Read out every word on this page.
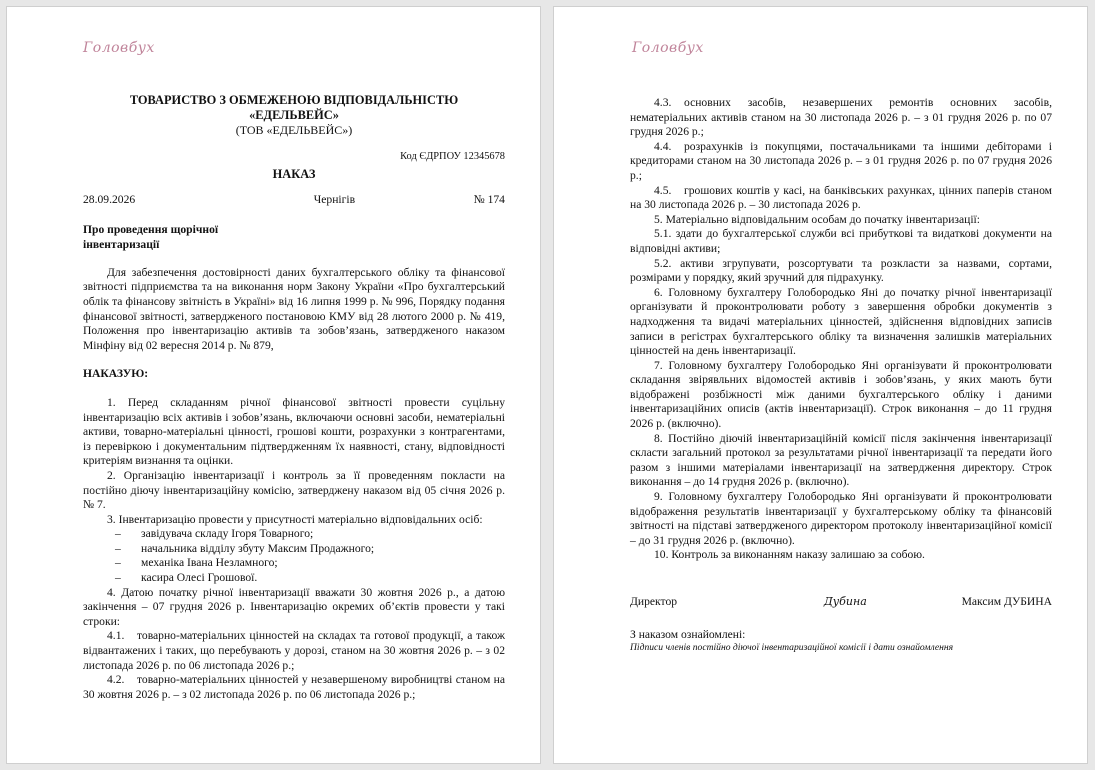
Головбух
ТОВАРИСТВО З ОБМЕЖЕНОЮ ВІДПОВІДАЛЬНІСТЮ
«ЕДЕЛЬВЕЙС»
(ТОВ «ЕДЕЛЬВЕЙС»)
Код ЄДРПОУ 12345678
НАКАЗ
28.09.2026	Чернігів	№ 174
Про проведення щорічної
інвентаризації

Для забезпечення достовірності даних бухгалтерського обліку та фінансової звітності підприємства та на виконання норм Закону України «Про бухгалтерський облік та фінансову звітність в Україні» від 16 липня 1999 р. № 996, Порядку подання фінансової звітності, затвердженого постановою КМУ від 28 лютого 2000 р. № 419, Положення про інвентаризацію активів та зобов’язань, затвердженого наказом Мінфіну від 02 вересня 2014 р. № 879,

НАКАЗУЮ:

1. Перед складанням річної фінансової звітності провести суцільну інвентаризацію всіх активів і зобов’язань, включаючи основні засоби, нематеріальні активи, товарно-матеріальні цінності, грошові кошти, розрахунки з контрагентами, із перевіркою і документальним підтвердженням їх наявності, стану, відповідності критеріям визнання та оцінки.

2. Організацію інвентаризації і контроль за її проведенням покласти на постійно діючу інвентаризаційну комісію, затверджену наказом від 05 січня 2026 р. № 7.

3. Інвентаризацію провести у присутності матеріально відповідальних осіб:

–	завідувача складу Ігоря Товарного;
–	начальника відділу збуту Максим Продажного;
–	механіка Івана Незламного;
–	касира Олесі Грошової.

4. Датою початку річної інвентаризації вважати 30 жовтня 2026 р., а датою закінчення – 07 грудня 2026 р. Інвентаризацію окремих об’єктів провести у такі строки:

4.1. товарно-матеріальних цінностей на складах та готової продукції, а також відвантажених і таких, що перебувають у дорозі, станом на 30 жовтня 2026 р. – з 02 листопада 2026 р. по 06 листопада 2026 р.;

4.2. товарно-матеріальних цінностей у незавершеному виробництві станом на 30 жовтня 2026 р. – з 02 листопада 2026 р. по 06 листопада 2026 р.;

Головбух

4.3. основних засобів, незавершених ремонтів основних засобів, нематеріальних активів станом на 30 листопада 2026 р. – з 01 грудня 2026 р. по 07 грудня 2026 р.;

4.4. розрахунків із покупцями, постачальниками та іншими дебіторами і кредиторами станом на 30 листопада 2026 р. – з 01 грудня 2026 р. по 07 грудня 2026 р.;

4.5. грошових коштів у касі, на банківських рахунках, цінних паперів станом на 30 листопада 2026 р. – 30 листопада 2026 р.

5. Матеріально відповідальним особам до початку інвентаризації:

5.1. здати до бухгалтерської служби всі прибуткові та видаткові документи на відповідні активи;

5.2. активи згрупувати, розсортувати та розкласти за назвами, сортами, розмірами у порядку, який зручний для підрахунку.

6. Головному бухгалтеру Голобородько Яні до початку річної інвентаризації організувати й проконтролювати роботу з завершення обробки документів з надходження та видачі матеріальних цінностей, здійснення відповідних записів записи в регістрах бухгалтерського обліку та визначення залишків матеріальних цінностей на день інвентаризації.

7. Головному бухгалтеру Голобородько Яні організувати й проконтролювати складання звірявльних відомостей активів і зобов’язань, у яких мають бути відображені розбіжності між даними бухгалтерського обліку і даними інвентаризаційних описів (актів інвентаризації). Строк виконання – до 11 грудня 2026 р. (включно).

8. Постійно діючій інвентаризаційній комісії після закінчення інвентаризації скласти загальний протокол за результатами річної інвентаризації та передати його разом з іншими матеріалами інвентаризації на затвердження директору. Строк виконання – до 14 грудня 2026 р. (включно).

9. Головному бухгалтеру Голобородько Яні організувати й проконтролювати відображення результатів інвентаризації у бухгалтерському обліку та фінансовій звітності на підставі затвердженого директором протоколу інвентаризаційної комісії – до 31 грудня 2026 р. (включно).

10. Контроль за виконанням наказу залишаю за собою.

Директор	Дубина	Максим ДУБИНА
З наказом ознайомлені:
Підписи членів постійно діючої інвентаризаційної комісії і дати ознайомлення
